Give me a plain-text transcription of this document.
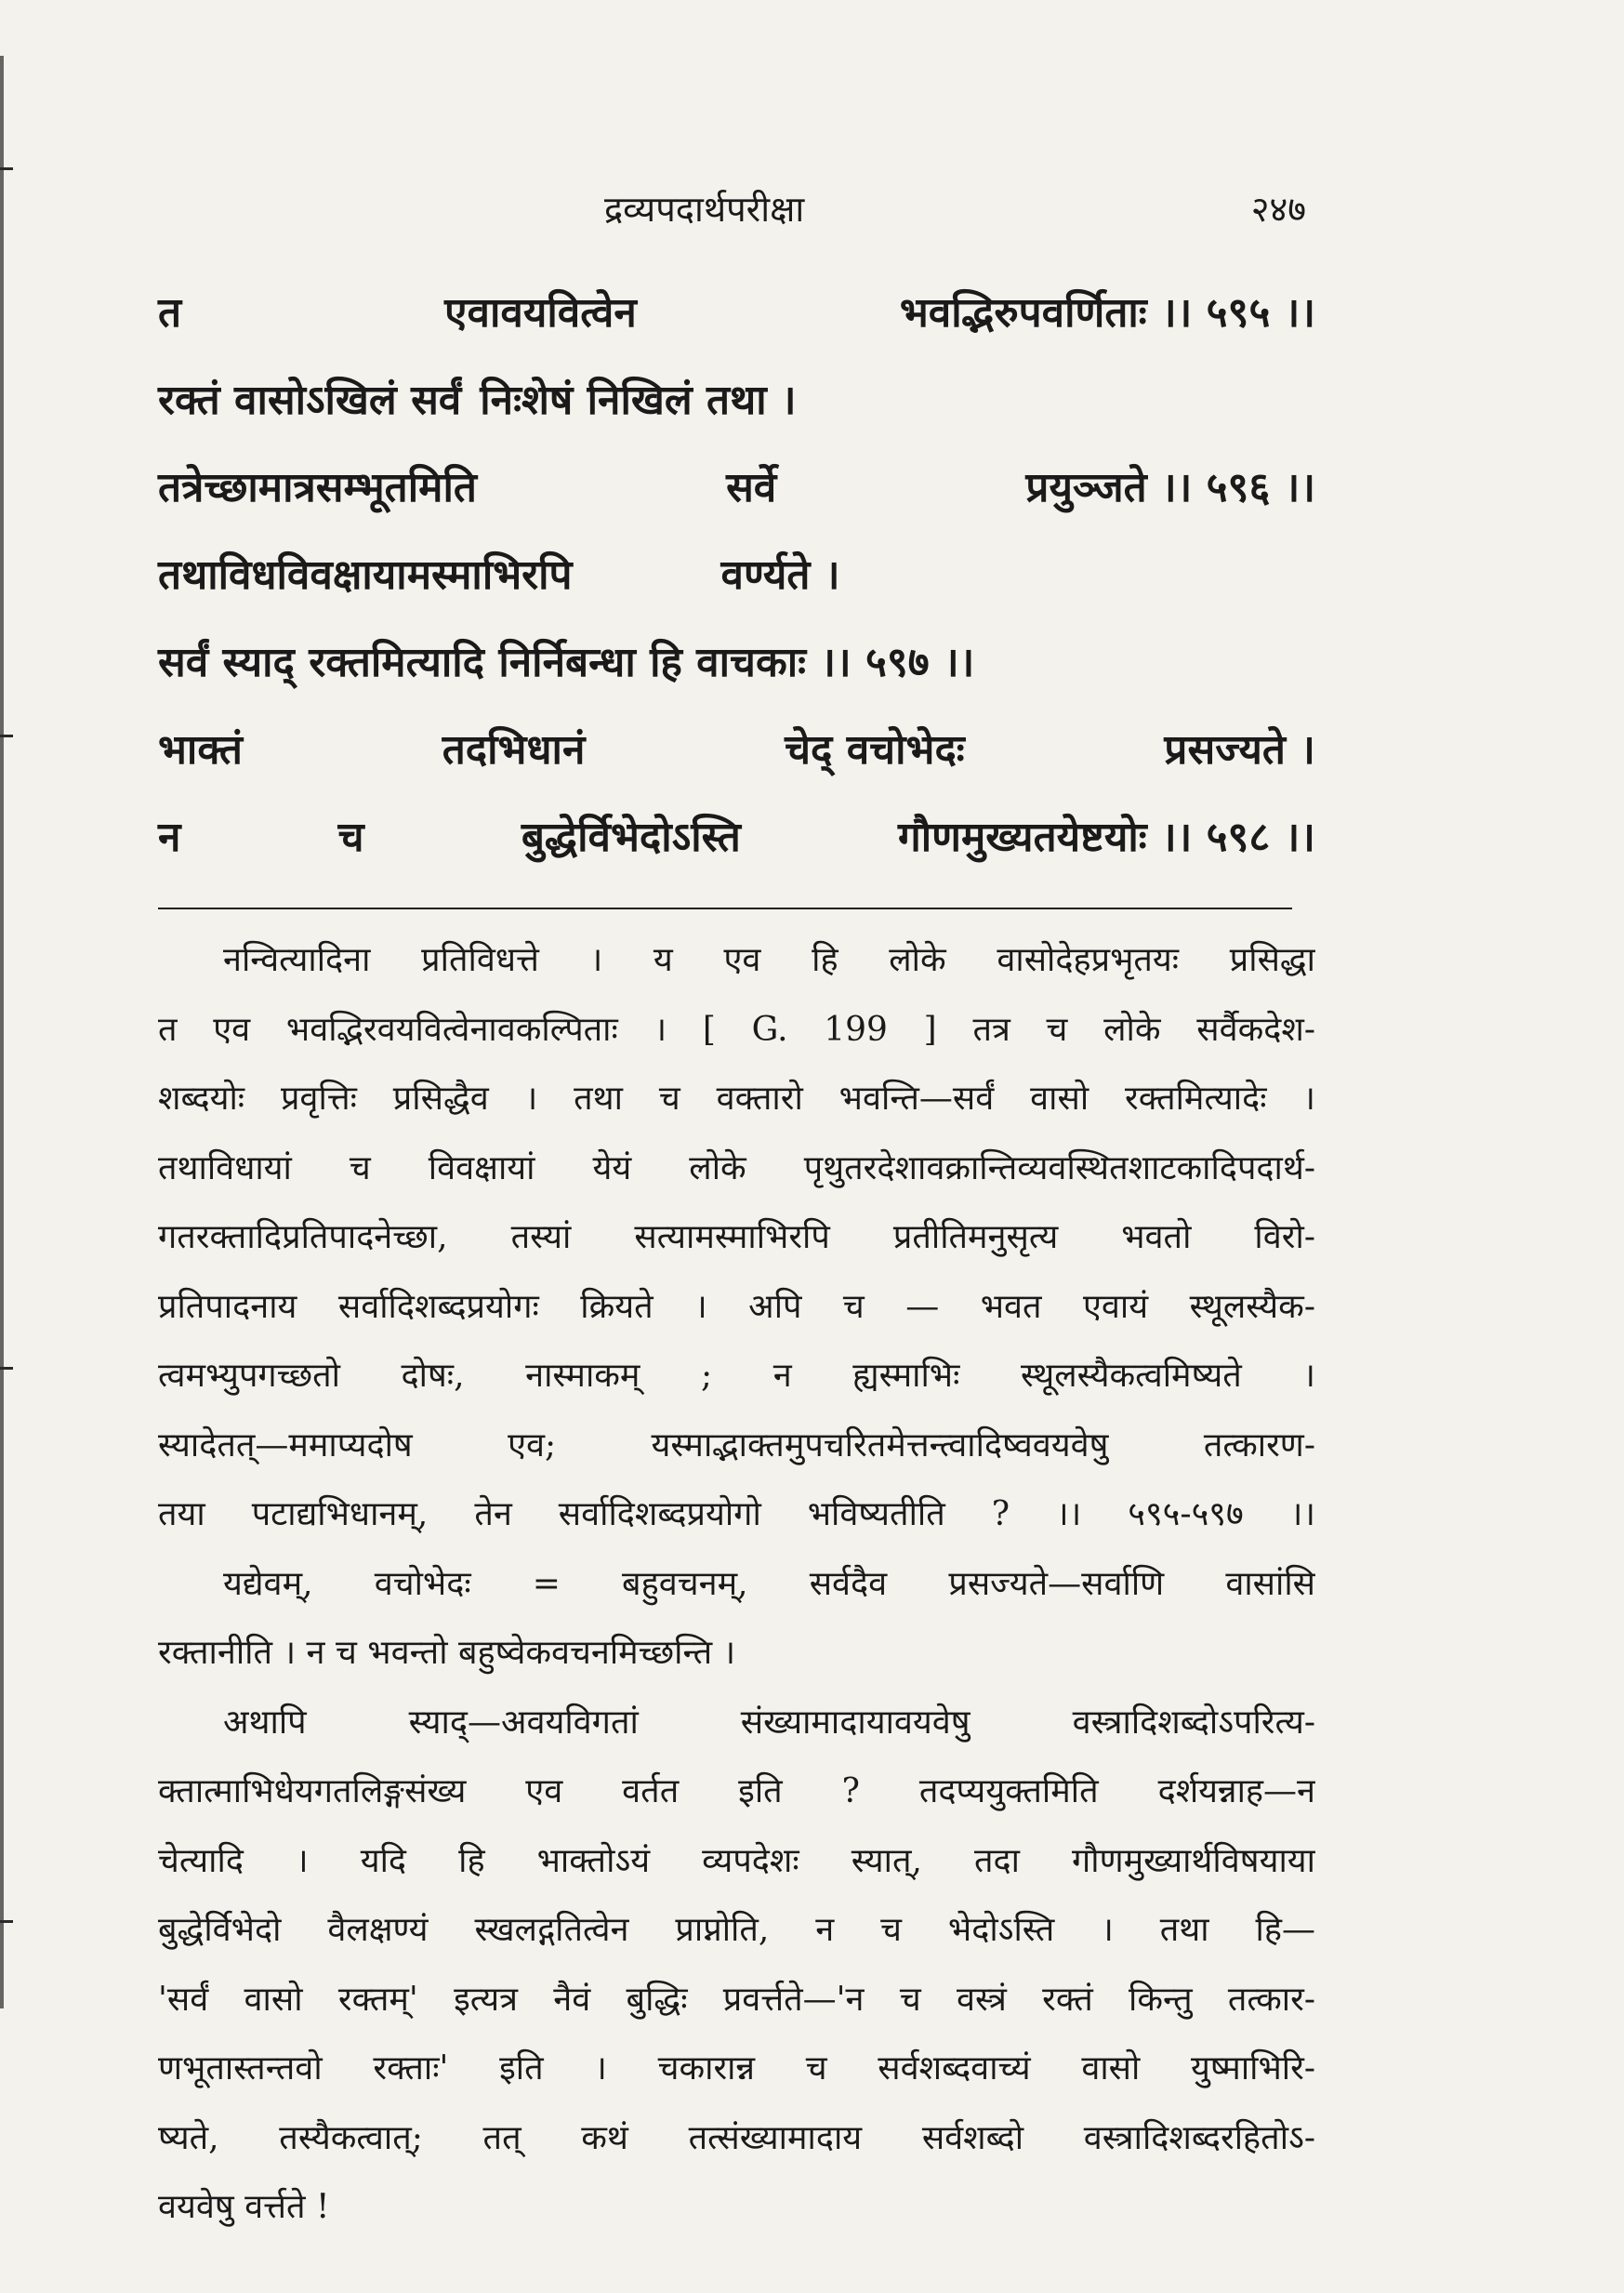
द्रव्यपदार्थपरीक्षा	२४७
त	एवावयवित्वेन	भवद्भिरुपवर्णिताः ।। ५९५ ।।
रक्तं वासोऽखिलं सर्वं निःशेषं निखिलं तथा ।
तत्रेच्छामात्रसम्भूतमिति	सर्वे	प्रयुञ्जते ।। ५९६ ।।
तथाविधविवक्षायामस्माभिरपि	वर्ण्यते ।
सर्वं स्याद् रक्तमित्यादि निर्निबन्धा हि वाचकाः ।। ५९७ ।।
भाक्तं	तदभिधानं	चेद् वचोभेदः	प्रसज्यते ।
न	च	बुद्धेर्विभेदोऽस्ति	गौणमुख्यतयेष्टयोः ।। ५९८ ।।
नन्वित्यादिना प्रतिविधत्ते । य एव हि लोके वासोदेहप्रभृतयः प्रसिद्धा
त एव भवद्भिरवयवित्वेनावकल्पिताः । [ G. 199 ] तत्र च लोके सर्वैकदेश-
शब्दयोः प्रवृत्तिः प्रसिद्धैव । तथा च वक्तारो भवन्ति—सर्वं वासो रक्तमित्यादेः ।
तथाविधायां च विवक्षायां येयं लोके पृथुतरदेशावक्रान्तिव्यवस्थितशाटकादिपदार्थ-
गतरक्तादिप्रतिपादनेच्छा, तस्यां सत्यामस्माभिरपि प्रतीतिमनुसृत्य भवतो विरो-
प्रतिपादनाय सर्वादिशब्दप्रयोगः क्रियते । अपि च — भवत एवायं स्थूलस्यैक-
त्वमभ्युपगच्छतो दोषः, नास्माकम् ; न ह्यस्माभिः स्थूलस्यैकत्वमिष्यते ।
स्यादेतत्—ममाप्यदोष एव; यस्माद्भाक्तमुपचरितमेत्तन्त्वादिष्ववयवेषु तत्कारण-
तया पटाद्यभिधानम्, तेन सर्वादिशब्दप्रयोगो भविष्यतीति ? ।। ५९५-५९७ ।।
यद्येवम्, वचोभेदः = बहुवचनम्, सर्वदैव प्रसज्यते—सर्वाणि वासांसि
रक्तानीति । न च भवन्तो बहुष्वेकवचनमिच्छन्ति ।
अथापि स्याद्—अवयविगतां संख्यामादायावयवेषु वस्त्रादिशब्दोऽपरित्य-
क्तात्माभिधेयगतलिङ्गसंख्य एव वर्तत इति ? तदप्ययुक्तमिति दर्शयन्नाह—न
चेत्यादि । यदि हि भाक्तोऽयं व्यपदेशः स्यात्, तदा गौणमुख्यार्थविषयाया
बुद्धेर्विभेदो वैलक्षण्यं स्खलद्गतित्वेन प्राप्नोति, न च भेदोऽस्ति । तथा हि—
'सर्वं वासो रक्तम्' इत्यत्र नैवं बुद्धिः प्रवर्त्तते—'न च वस्त्रं रक्तं किन्तु तत्कार-
णभूतास्तन्तवो रक्ताः' इति । चकारान्न च सर्वशब्दवाच्यं वासो युष्माभिरि-
ष्यते, तस्यैकत्वात्; तत् कथं तत्संख्यामादाय सर्वशब्दो वस्त्रादिशब्दरहितोऽ-
वयवेषु वर्त्तते !
